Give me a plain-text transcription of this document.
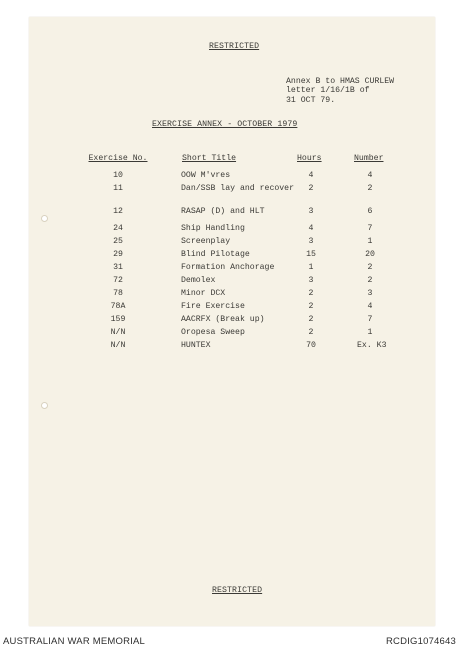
RESTRICTED
Annex B to HMAS CURLEW
letter 1/16/1B of
31 OCT 79.
EXERCISE ANNEX - OCTOBER 1979
Exercise No.	Short Title	Hours	Number
10	OOW M'vres	4	4
11	Dan/SSB lay and recover	2	2
12	RASAP (D) and HLT	3	6
24	Ship Handling	4	7
25	Screenplay	3	1
29	Blind Pilotage	15	20
31	Formation Anchorage	1	2
72	Demolex	3	2
78	Minor DCX	2	3
78A	Fire Exercise	2	4
159	AACRFX (Break up)	2	7
N/N	Oropesa Sweep	2	1
N/N	HUNTEX	70	Ex. K3
RESTRICTED
AUSTRALIAN WAR MEMORIAL	RCDIG1074643
